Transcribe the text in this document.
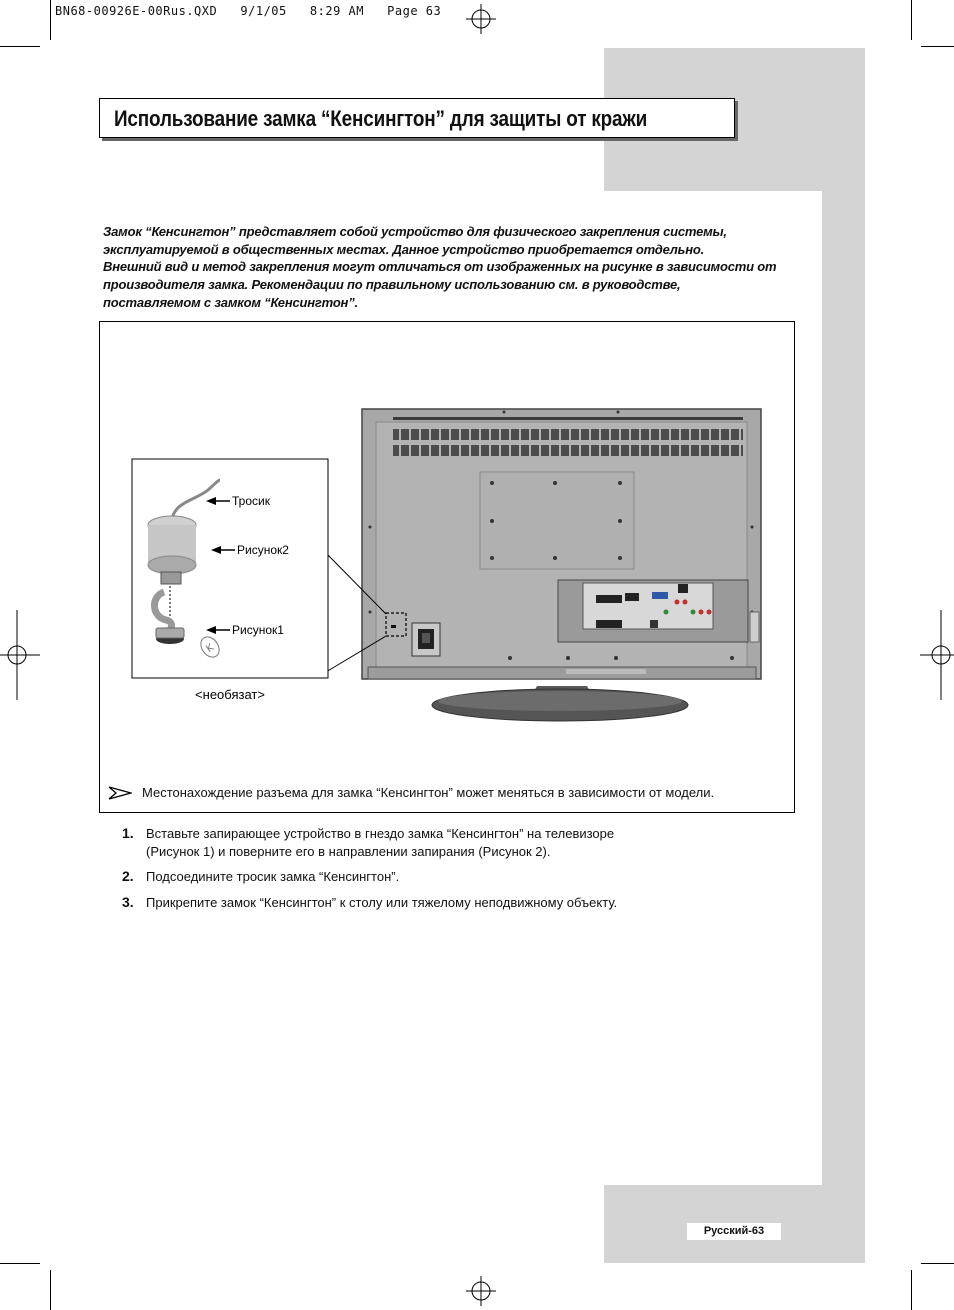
BN68-00926E-00Rus.QXD   9/1/05   8:29 AM   Page 63
Использование замка “Кенсингтон” для защиты от кражи

Замок “Кенсингтон” представляет собой устройство для физического закрепления системы,

эксплуатируемой в общественных местах. Данное устройство приобретается отдельно.

Внешний вид и метод закрепления могут отличаться от изображенных на рисунке в зависимости от

производителя замка. Рекомендации по правильному использованию см. в руководстве,

поставляемом с замком “Кенсингтон”.

K
Тросик
Рисунок2
Рисунок1
<необязат>
Местонахождение разъема для замка “Кенсингтон” может меняться в зависимости от модели.
1. Вставьте запирающее устройство в гнездо замка “Кенсингтон” на телевизоре

(Рисунок 1) и поверните его в направлении запирания (Рисунок 2).

2. Подсоедините тросик замка “Кенсингтон”.

3. Прикрепите замок “Кенсингтон” к столу или тяжелому неподвижному объекту.

Русский-63
